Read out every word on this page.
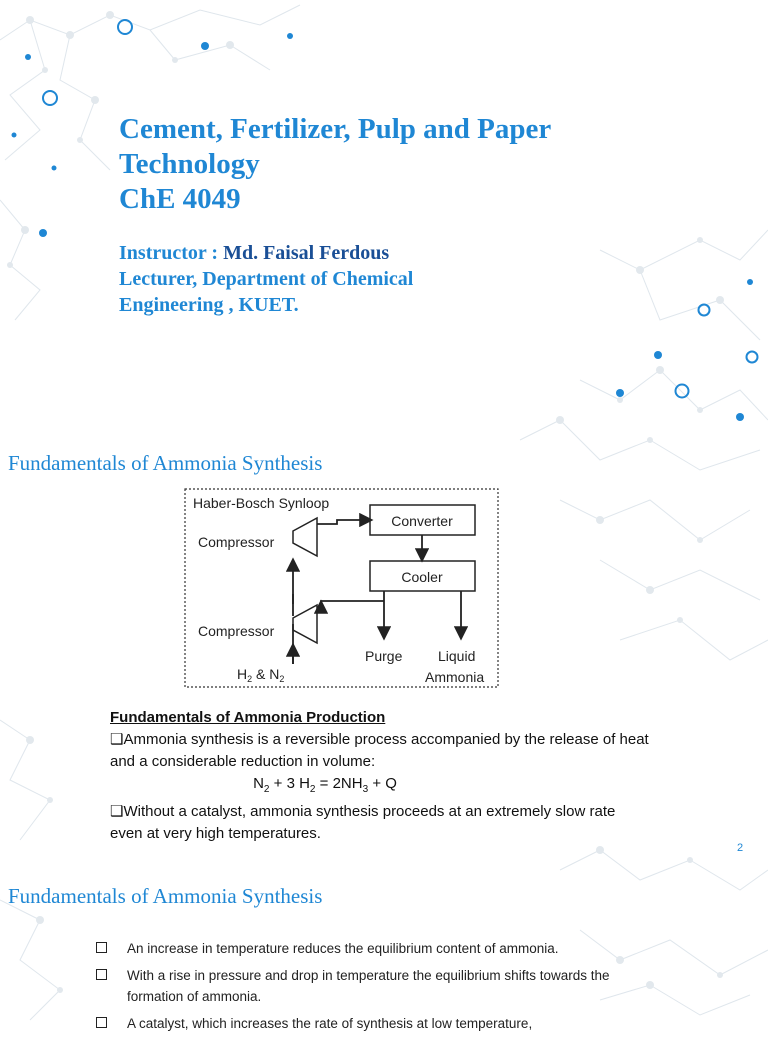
Cement, Fertilizer, Pulp and Paper
Technology
ChE 4049
Instructor : Md. Faisal Ferdous
Lecturer, Department of Chemical
Engineering , KUET.
Fundamentals of Ammonia Synthesis
Haber-Bosch Synloop
Converter
Cooler
Compressor
Compressor
$H_2$ & $N_2$
Purge	Liquid
Ammonia
Fundamentals of Ammonia Production
❑Ammonia synthesis is a reversible process accompanied by the release of heat and a considerable reduction in volume:
$N_2 + 3$ $H_2 = 2NH_3 + Q$
❑Without a catalyst, ammonia synthesis proceeds at an extremely slow rate even at very high temperatures.
2
Fundamentals of Ammonia Synthesis
An increase in temperature reduces the equilibrium content of ammonia.
With a rise in pressure and drop in temperature the equilibrium shifts towards the formation of ammonia.
A catalyst, which increases the rate of synthesis at low temperature,
